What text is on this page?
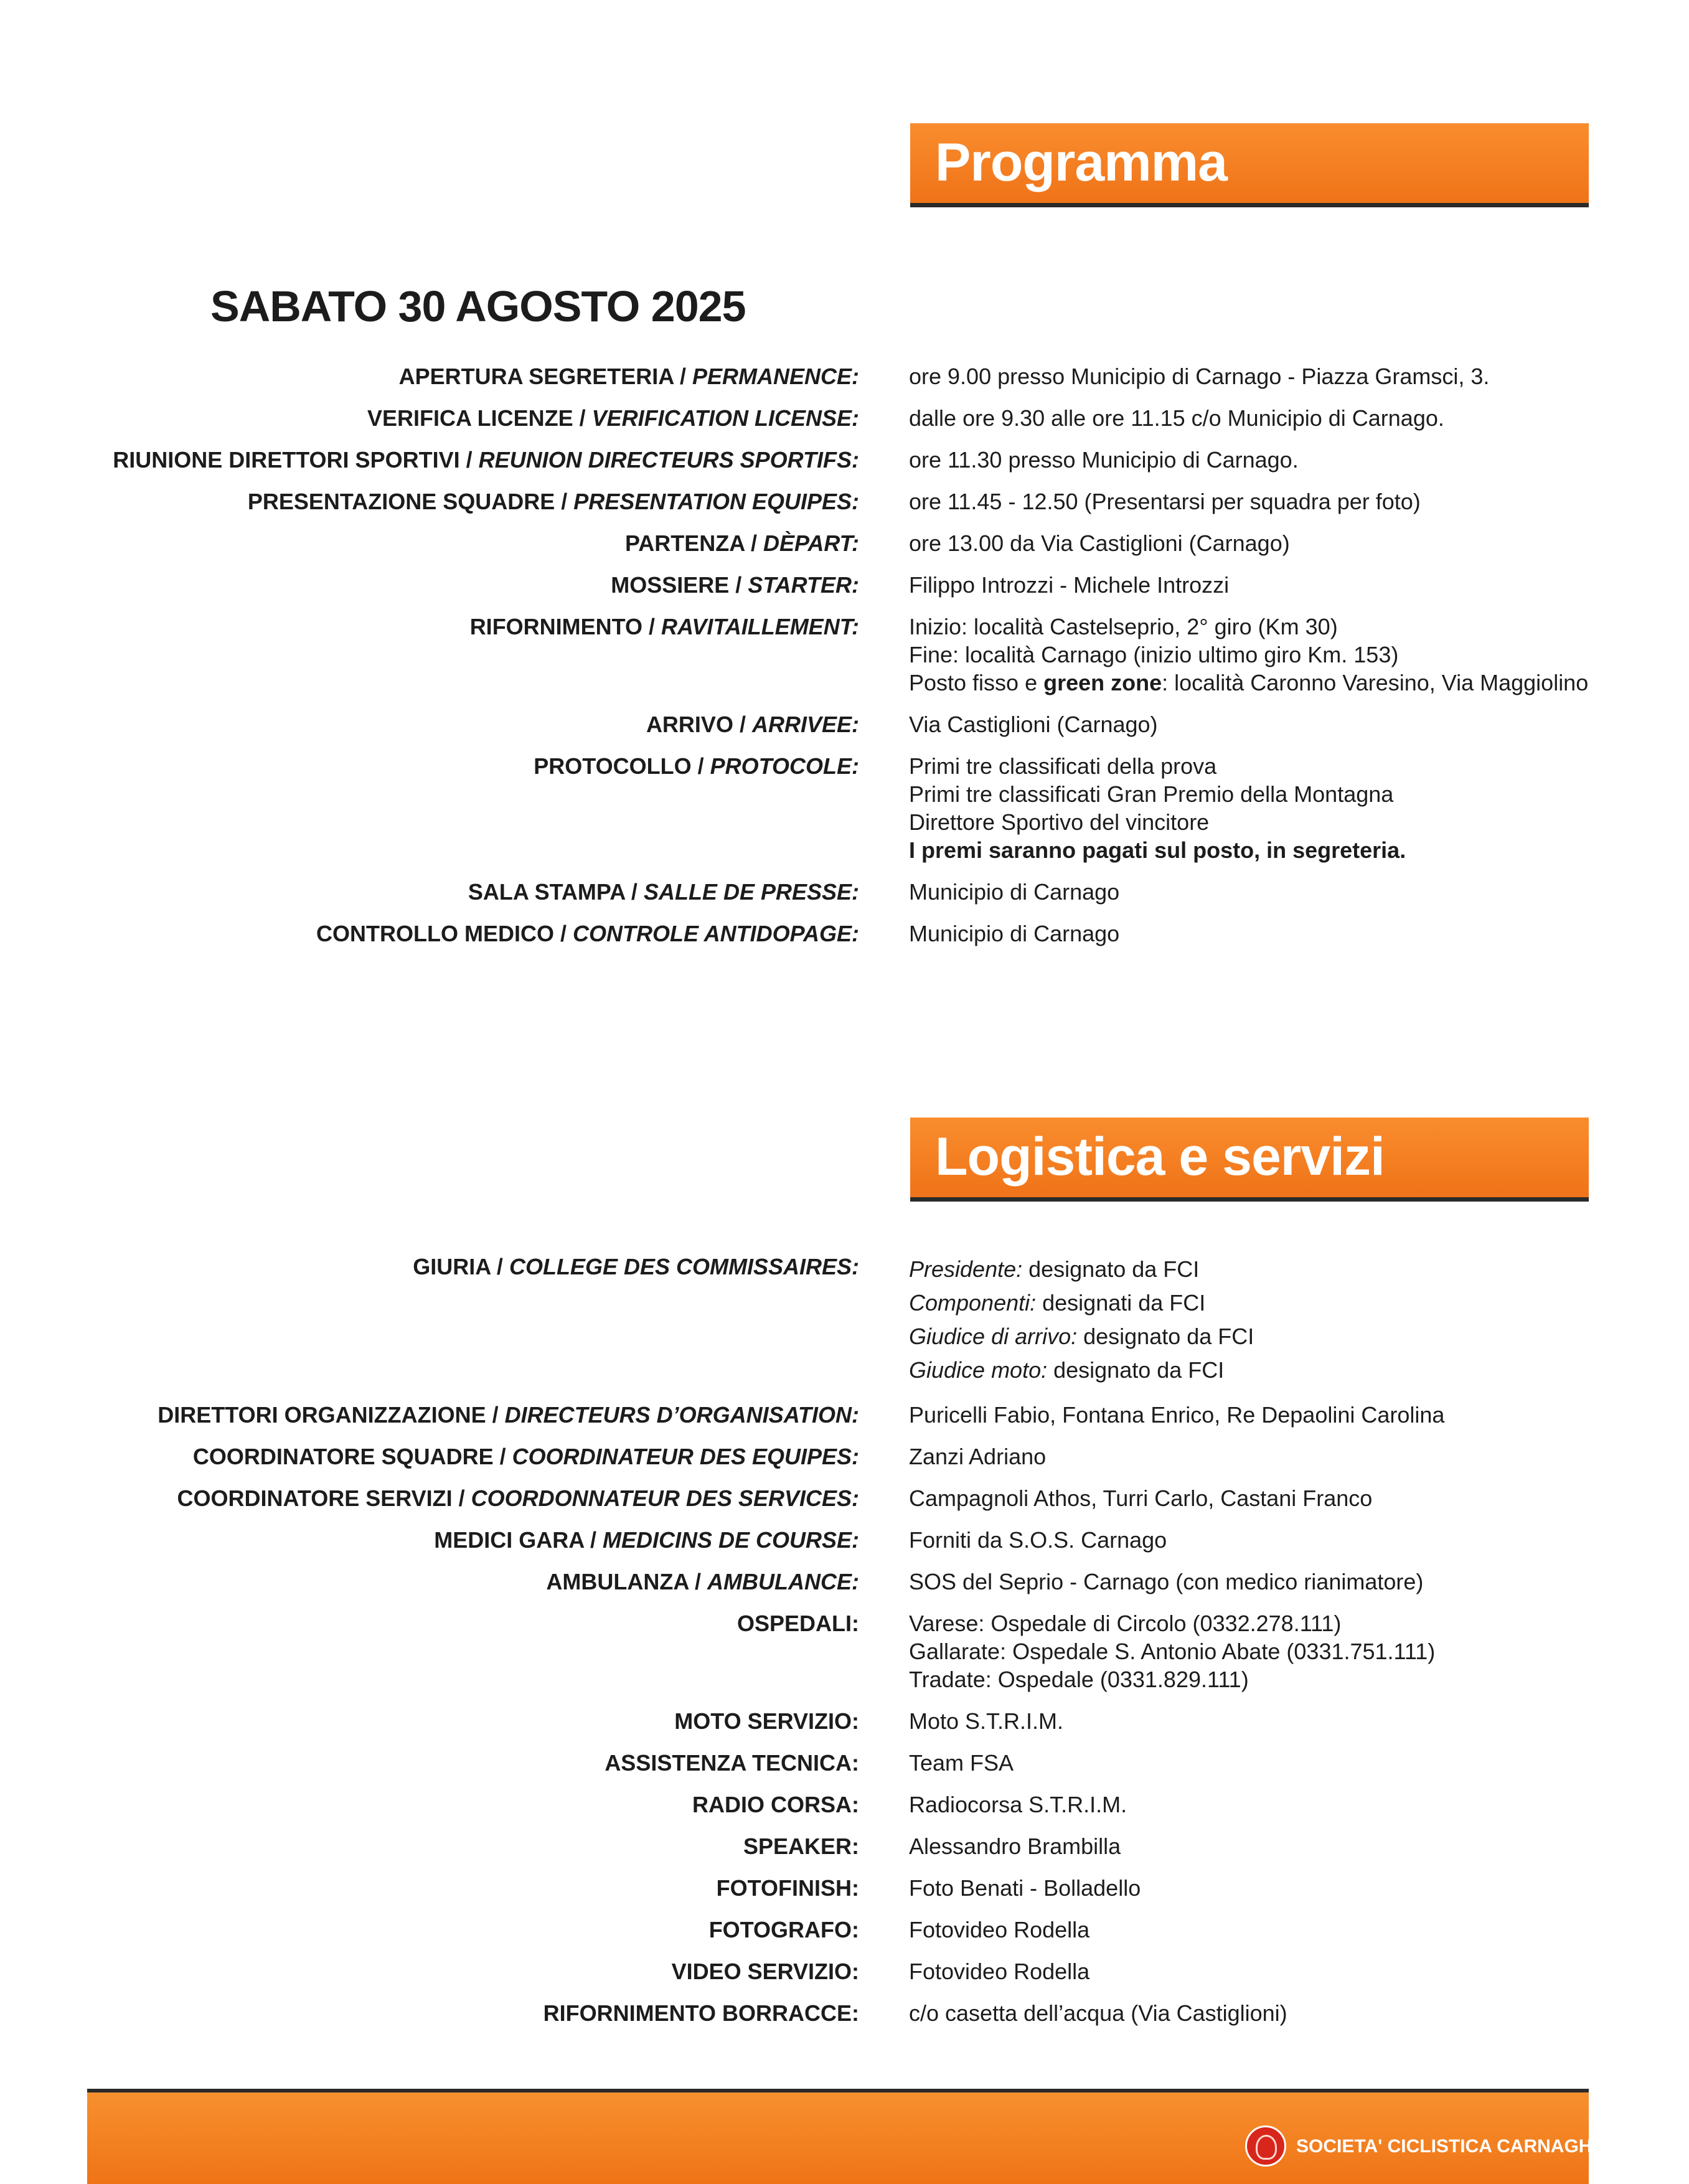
Programma
SABATO 30 AGOSTO 2025
APERTURA SEGRETERIA / PERMANENCE: ore 9.00 presso Municipio di Carnago - Piazza Gramsci, 3.
VERIFICA LICENZE / VERIFICATION LICENSE: dalle ore 9.30 alle ore 11.15 c/o Municipio di Carnago.
RIUNIONE DIRETTORI SPORTIVI / REUNION DIRECTEURS SPORTIFS: ore 11.30 presso Municipio di Carnago.
PRESENTAZIONE SQUADRE / PRESENTATION EQUIPES: ore 11.45 - 12.50 (Presentarsi per squadra per foto)
PARTENZA / DÈPART: ore 13.00 da Via Castiglioni (Carnago)
MOSSIERE / STARTER: Filippo Introzzi - Michele Introzzi
RIFORNIMENTO / RAVITAILLEMENT: Inizio: località Castelseprio, 2° giro (Km 30)
Fine: località Carnago (inizio ultimo giro Km. 153)
Posto fisso e green zone: località Caronno Varesino, Via Maggiolino
ARRIVO / ARRIVEE: Via Castiglioni (Carnago)
PROTOCOLLO / PROTOCOLE: Primi tre classificati della prova
Primi tre classificati Gran Premio della Montagna
Direttore Sportivo del vincitore
I premi saranno pagati sul posto, in segreteria.
SALA STAMPA / SALLE DE PRESSE: Municipio di Carnago
CONTROLLO MEDICO / CONTROLE ANTIDOPAGE: Municipio di Carnago
Logistica e servizi
GIURIA / COLLEGE DES COMMISSAIRES: Presidente: designato da FCI
Componenti: designati da FCI
Giudice di arrivo: designato da FCI
Giudice moto: designato da FCI
DIRETTORI ORGANIZZAZIONE / DIRECTEURS D’ORGANISATION: Puricelli Fabio, Fontana Enrico, Re Depaolini Carolina
COORDINATORE SQUADRE / COORDINATEUR DES EQUIPES: Zanzi Adriano
COORDINATORE SERVIZI / COORDONNATEUR DES SERVICES: Campagnoli Athos, Turri Carlo, Castani Franco
MEDICI GARA / MEDICINS DE COURSE: Forniti da S.O.S. Carnago
AMBULANZA / AMBULANCE: SOS del Seprio - Carnago (con medico rianimatore)
OSPEDALI: Varese: Ospedale di Circolo (0332.278.111)
Gallarate: Ospedale S. Antonio Abate (0331.751.111)
Tradate: Ospedale (0331.829.111)
MOTO SERVIZIO: Moto S.T.R.I.M.
ASSISTENZA TECNICA: Team FSA
RADIO CORSA: Radiocorsa S.T.R.I.M.
SPEAKER: Alessandro Brambilla
FOTOFINISH: Foto Benati - Bolladello
FOTOGRAFO: Fotovideo Rodella
VIDEO SERVIZIO: Fotovideo Rodella
RIFORNIMENTO BORRACCE: c/o casetta dell’acqua (Via Castiglioni)
SOCIETA' CICLISTICA CARNAGHESE A.S.D.
